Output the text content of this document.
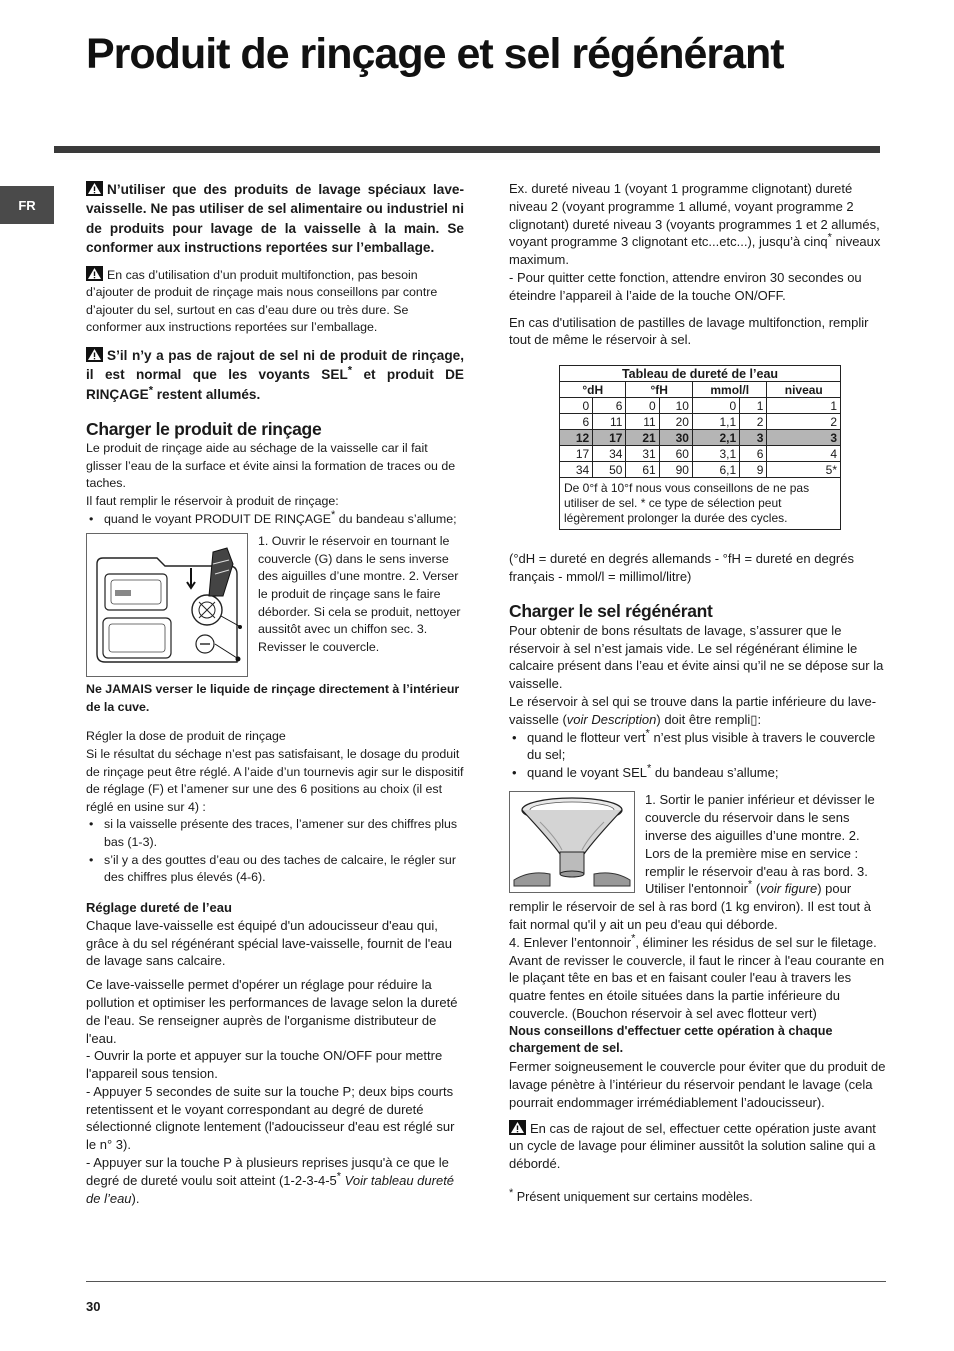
Produit de rinçage et sel régénérant
FR

N’utiliser que des produits de lavage spéciaux lave-vaisselle. Ne pas utiliser de sel alimentaire ou industriel ni de produits pour lavage de la vaisselle à la main. Se conformer aux instructions reportées sur l’emballage.

En cas d’utilisation d’un produit multifonction, pas besoin d’ajouter de produit de rinçage mais nous conseillons par contre d’ajouter du sel, surtout en cas d’eau dure ou très dure. Se conformer aux instructions reportées sur l’emballage.

S’il n’y a pas de rajout de sel ni de produit de rinçage, il est normal que les voyants SEL* et produit DE RINÇAGE* restent allumés.

Charger le produit de rinçage

Le produit de rinçage aide au séchage de la vaisselle car il fait glisser l’eau de la surface et évite ainsi la formation de traces ou de taches.

Il faut remplir le réservoir à produit de rinçage:

• quand le voyant PRODUIT DE RINÇAGE* du bandeau s’allume;

1. Ouvrir le réservoir en tournant le couvercle (G) dans le sens inverse des aiguilles d’une montre. 2. Verser le produit de rinçage sans le faire déborder. Si cela se produit, nettoyer aussitôt avec un chiffon sec. 3. Revisser le couvercle.

Ne JAMAIS verser le liquide de rinçage directement à l’intérieur de la cuve.

Régler la dose de produit de rinçage

Si le résultat du séchage n’est pas satisfaisant, le dosage du produit de rinçage peut être réglé. A l’aide d’un tournevis agir sur le dispositif de réglage (F) et l’amener sur une des 6 positions au choix (il est réglé en usine sur 4) :

• si la vaisselle présente des traces, l’amener sur des chiffres plus bas (1-3).
• s’il y a des gouttes d’eau ou des taches de calcaire, le régler sur des chiffres plus élevés (4-6).
Réglage dureté de l’eau

Chaque lave-vaisselle est équipé d'un adoucisseur d'eau qui, grâce à du sel régénérant spécial lave-vaisselle, fournit de l'eau de lavage sans calcaire.

Ce lave-vaisselle permet d'opérer un réglage pour réduire la pollution et optimiser les performances de lavage selon la dureté de l'eau. Se renseigner auprès de l'organisme distributeur de l'eau.

- Ouvrir la porte et appuyer sur la touche ON/OFF pour mettre l'appareil sous tension.

- Appuyer 5 secondes de suite sur la touche P; deux bips courts retentissent et le voyant correspondant au degré de dureté sélectionné clignote lentement (l'adoucisseur d'eau est réglé sur le n° 3).

- Appuyer sur la touche P à plusieurs reprises jusqu'à ce que le degré de dureté voulu soit atteint (1-2-3-4-5* Voir tableau dureté de l’eau).

Ex. dureté niveau 1 (voyant 1 programme clignotant) dureté niveau 2 (voyant programme 1 allumé, voyant programme 2 clignotant) dureté niveau 3 (voyants programmes 1 et 2 allumés, voyant programme 3 clignotant etc...etc...), jusqu’à cinq* niveaux maximum.

- Pour quitter cette fonction, attendre environ 30 secondes ou éteindre l’appareil à l’aide de la touche ON/OFF.

En cas d'utilisation de pastilles de lavage multifonction, remplir tout de même le réservoir à sel.

Tableau de dureté de l’eau						
°dH		°fH		mmol/l		niveau
0	6	0	10	0	1	1
6	11	11	20	1,1	2	2
12	17	21	30	2,1	3	3
17	34	31	60	3,1	6	4
34	50	61	90	6,1	9	5*
De 0°f à 10°f nous vous conseillons de ne pas utiliser de sel. * ce type de sélection peut légèrement prolonger la durée des cycles.						

(°dH = dureté en degrés allemands - °fH = dureté en degrés français - mmol/l = millimol/litre)

Charger le sel régénérant

Pour obtenir de bons résultats de lavage, s’assurer que le réservoir à sel n’est jamais vide. Le sel régénérant élimine le calcaire présent dans l’eau et évite ainsi qu’il ne se dépose sur la vaisselle.

Le réservoir à sel qui se trouve dans la partie inférieure du lave-vaisselle (voir Description) doit être rempli▯:

• quand le flotteur vert* n’est plus visible à travers le couvercle du sel;
• quand le voyant SEL* du bandeau s’allume;

1. Sortir le panier inférieur et dévisser le couvercle du réservoir dans le sens inverse des aiguilles d’une montre. 2. Lors de la première mise en service : remplir le réservoir d'eau à ras bord. 3. Utiliser l'entonnoir* (voir figure) pour remplir le réservoir de sel à ras bord (1 kg environ). Il est tout à fait normal qu'il y ait un peu d'eau qui déborde.

4. Enlever l’entonnoir*, éliminer les résidus de sel sur le filetage. Avant de revisser le couvercle, il faut le rincer à l'eau courante en le plaçant tête en bas et en faisant couler l'eau à travers les quatre fentes en étoile situées dans la partie inférieure du couvercle. (Bouchon réservoir à sel avec flotteur vert)

Nous conseillons d'effectuer cette opération à chaque chargement de sel.

Fermer soigneusement le couvercle pour éviter que du produit de lavage pénètre à l’intérieur du réservoir pendant le lavage (cela pourrait endommager irrémédiablement l’adoucisseur).

En cas de rajout de sel, effectuer cette opération juste avant un cycle de lavage pour éliminer aussitôt la solution saline qui a débordé.

* Présent uniquement sur certains modèles.

30
